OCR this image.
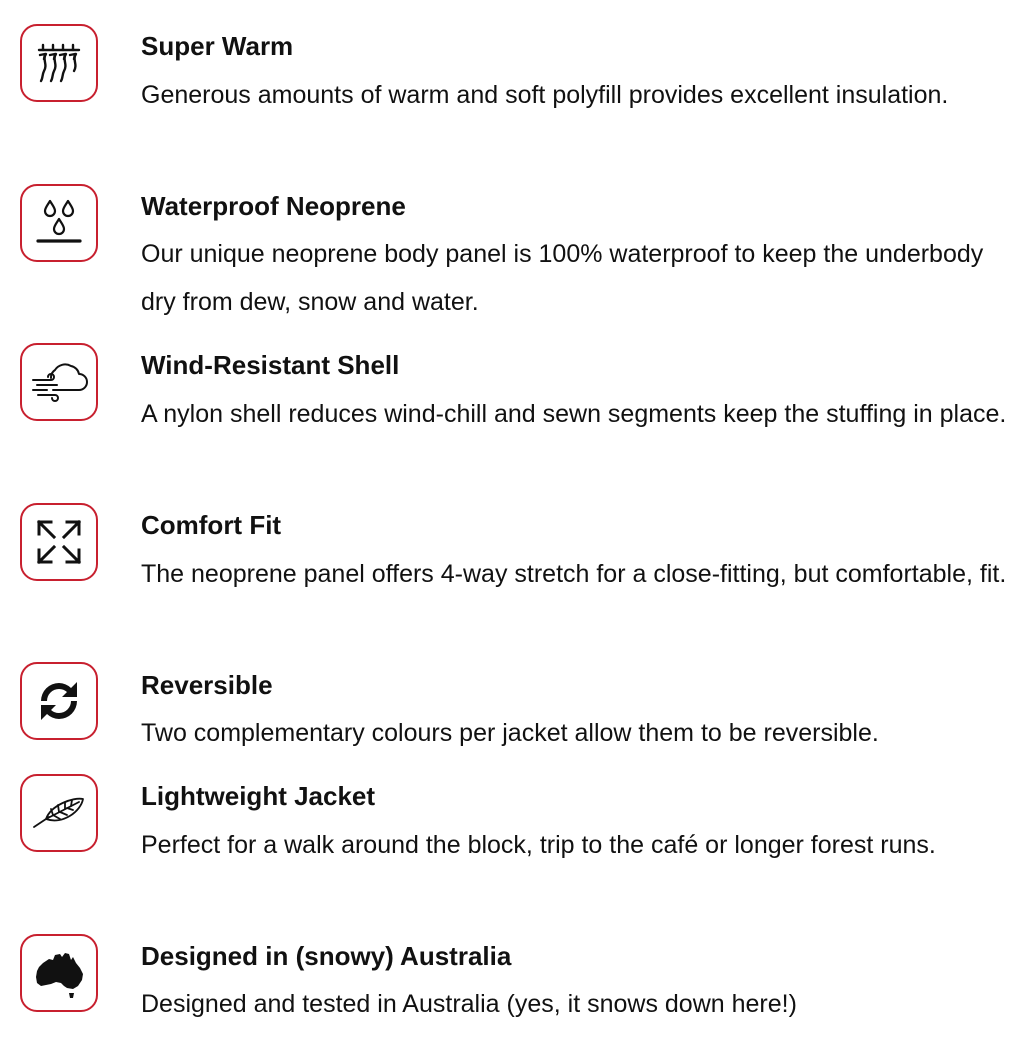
Super Warm

Generous amounts of warm and soft polyfill provides excellent insulation.

Waterproof Neoprene

Our unique neoprene body panel is 100% waterproof to keep the underbody dry from dew, snow and water.

Wind-Resistant Shell

A nylon shell reduces wind-chill and sewn segments keep the stuffing in place.

Comfort Fit

The neoprene panel offers 4-way stretch for a close-fitting, but comfortable, fit.

Reversible

Two complementary colours per jacket allow them to be reversible.

Lightweight Jacket

Perfect for a walk around the block, trip to the café or longer forest runs.

Designed in (snowy) Australia

Designed and tested in Australia (yes, it snows down here!)
